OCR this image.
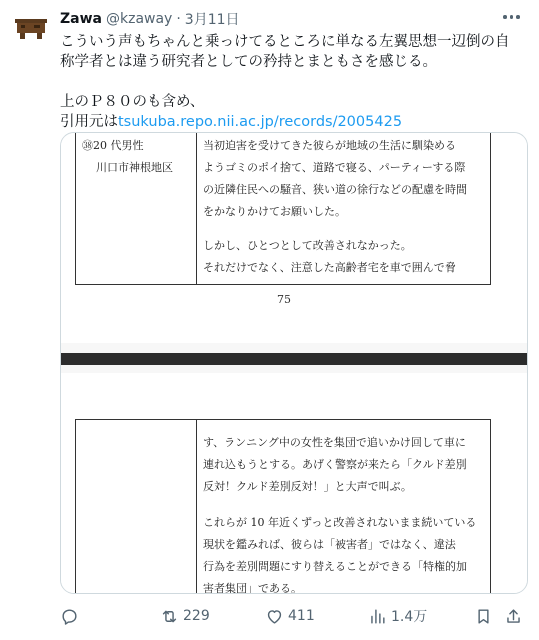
Zawa @kzaway · 3月11日

こういう声もちゃんと乗っけてるところに単なる左翼思想一辺倒の自

称学者とは違う研究者としての矜持とまともさを感じる。

上のＰ８０のも含め、

引用元はtsukuba.repo.nii.ac.jp/records/2005425

㊳20 代男性
川口市神根地区
当初迫害を受けてきた彼らが地域の生活に馴染める
ようゴミのポイ捨て、道路で寝る、パーティーする際
の近隣住民への騒音、狭い道の徐行などの配慮を時間
をかなりかけてお願いした。
しかし、ひとつとして改善されなかった。
それだけでなく、注意した高齢者宅を車で囲んで脅
75
す、ランニング中の女性を集団で追いかけ回して車に
連れ込もうとする。あげく警察が来たら「クルド差別
反対！クルド差別反対！」と大声で叫ぶ。
これらが 10 年近くずっと改善されないまま続いている
現状を鑑みれば、彼らは「被害者」ではなく、違法
行為を差別問題にすり替えることができる「特権的加
害者集団」である。
229	411	1.4万
